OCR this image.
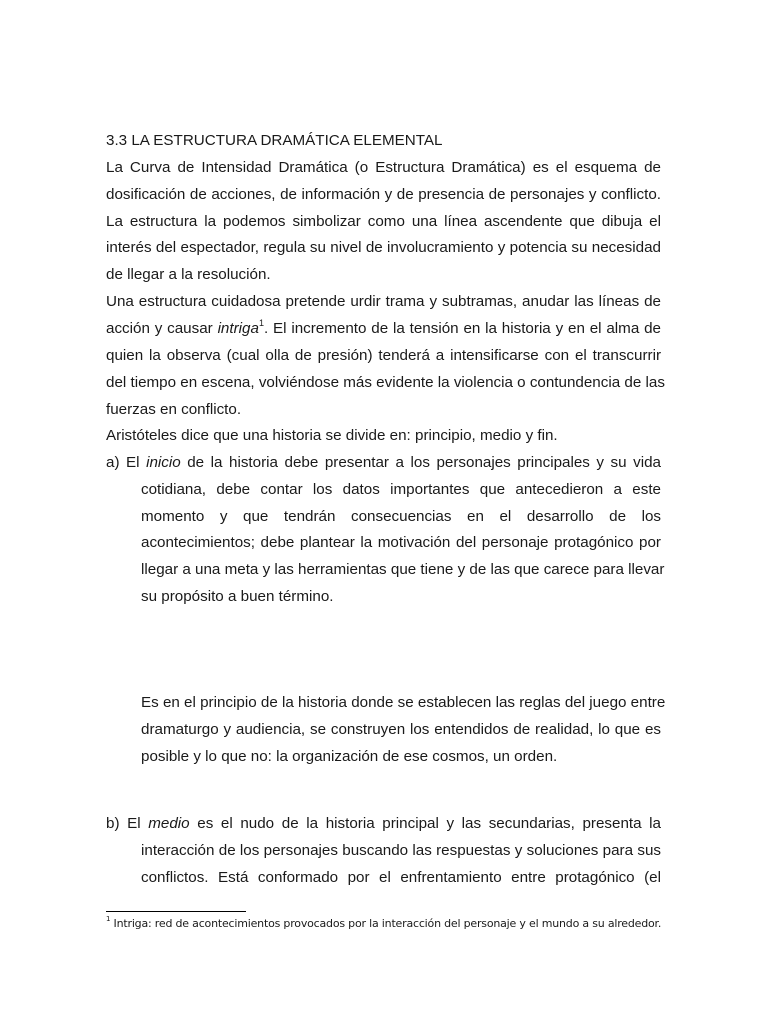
3.3 LA ESTRUCTURA DRAMÁTICA ELEMENTAL
La Curva de Intensidad Dramática (o Estructura Dramática) es el esquema de
dosificación de acciones, de información y de presencia de personajes y conflicto.
La estructura la podemos simbolizar como una línea ascendente que dibuja el
interés del espectador, regula su nivel de involucramiento y potencia su necesidad
de llegar a la resolución.
Una estructura cuidadosa pretende urdir trama y subtramas, anudar las líneas de
acción y causar intriga$^1$. El incremento de la tensión en la historia y en el alma de
quien la observa (cual olla de presión) tenderá a intensificarse con el transcurrir
del tiempo en escena, volviéndose más evidente la violencia o contundencia de las
fuerzas en conflicto.
Aristóteles dice que una historia se divide en: principio, medio y fin.
a) El inicio de la historia debe presentar a los personajes principales y su vida
cotidiana, debe contar los datos importantes que antecedieron a este
momento y que tendrán consecuencias en el desarrollo de los
acontecimientos; debe plantear la motivación del personaje protagónico por
llegar a una meta y las herramientas que tiene y de las que carece para llevar
su propósito a buen término.
Es en el principio de la historia donde se establecen las reglas del juego entre
dramaturgo y audiencia, se construyen los entendidos de realidad, lo que es
posible y lo que no: la organización de ese cosmos, un orden.
b) El medio es el nudo de la historia principal y las secundarias, presenta la
interacción de los personajes buscando las respuestas y soluciones para sus
conflictos. Está conformado por el enfrentamiento entre protagónico (el
$^1$ Intriga: red de acontecimientos provocados por la interacción del personaje y el mundo a su alrededor.
